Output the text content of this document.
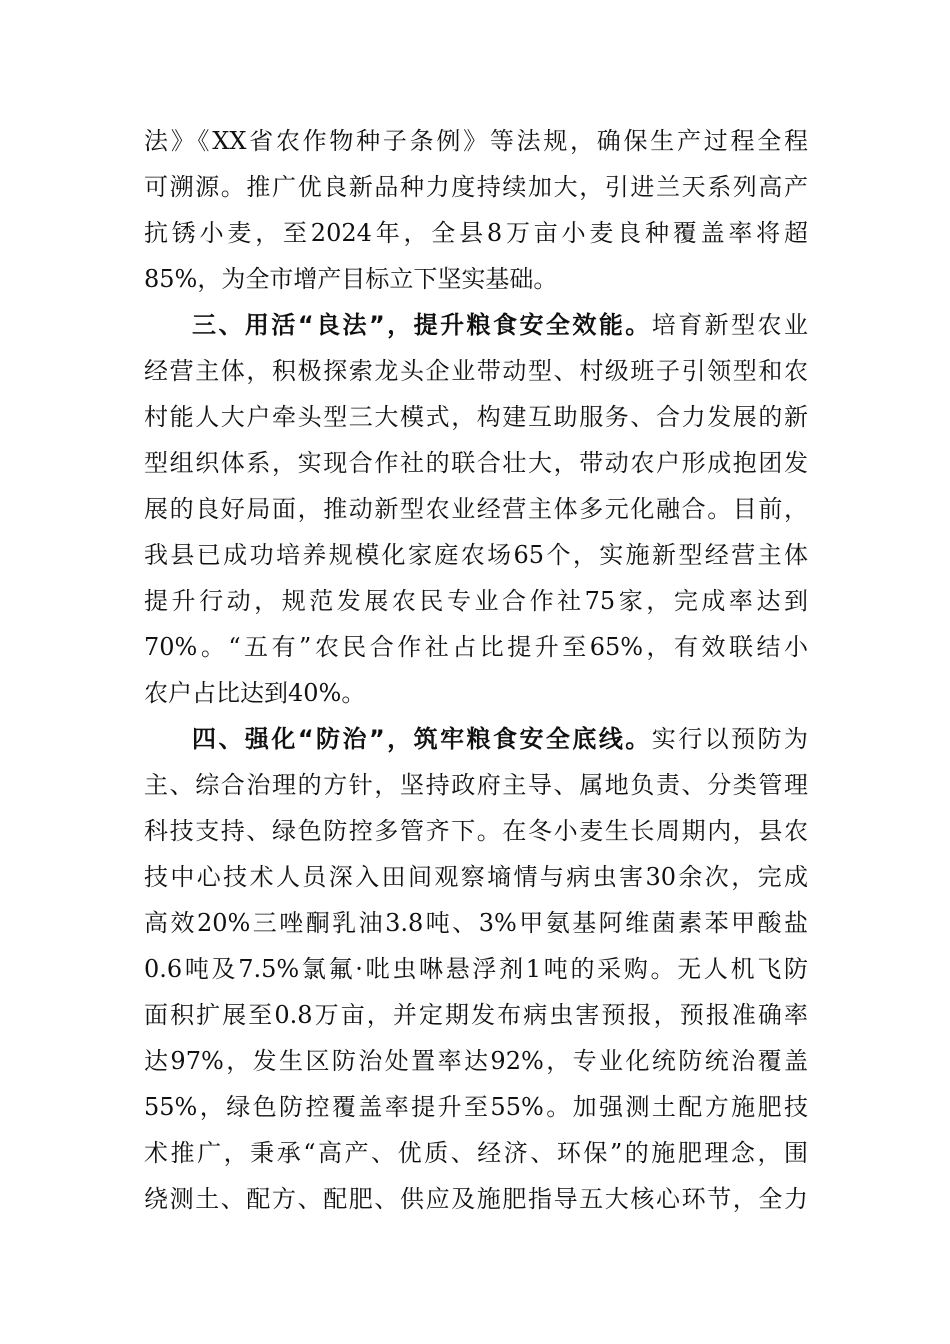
法》《XX省农作物种子条例》等法规，确保生产过程全程
可溯源。推广优良新品种力度持续加大，引进兰天系列高产
抗锈小麦，至2024年，全县8万亩小麦良种覆盖率将超
85%，为全市增产目标立下坚实基础。
三、用活“良法”，提升粮食安全效能。培育新型农业
经营主体，积极探索龙头企业带动型、村级班子引领型和农
村能人大户牵头型三大模式，构建互助服务、合力发展的新
型组织体系，实现合作社的联合壮大，带动农户形成抱团发
展的良好局面，推动新型农业经营主体多元化融合。目前，
我县已成功培养规模化家庭农场65个，实施新型经营主体
提升行动，规范发展农民专业合作社75家，完成率达到
70%。“五有”农民合作社占比提升至65%，有效联结小
农户占比达到40%。
四、强化“防治”，筑牢粮食安全底线。实行以预防为
主、综合治理的方针，坚持政府主导、属地负责、分类管理
科技支持、绿色防控多管齐下。在冬小麦生长周期内，县农
技中心技术人员深入田间观察墒情与病虫害30余次，完成
高效20%三唑酮乳油3.8吨、3%甲氨基阿维菌素苯甲酸盐
0.6吨及7.5%氯氟·吡虫啉悬浮剂1吨的采购。无人机飞防
面积扩展至0.8万亩，并定期发布病虫害预报，预报准确率
达97%，发生区防治处置率达92%，专业化统防统治覆盖
55%，绿色防控覆盖率提升至55%。加强测土配方施肥技
术推广，秉承“高产、优质、经济、环保”的施肥理念，围
绕测土、配方、配肥、供应及施肥指导五大核心环节，全力
